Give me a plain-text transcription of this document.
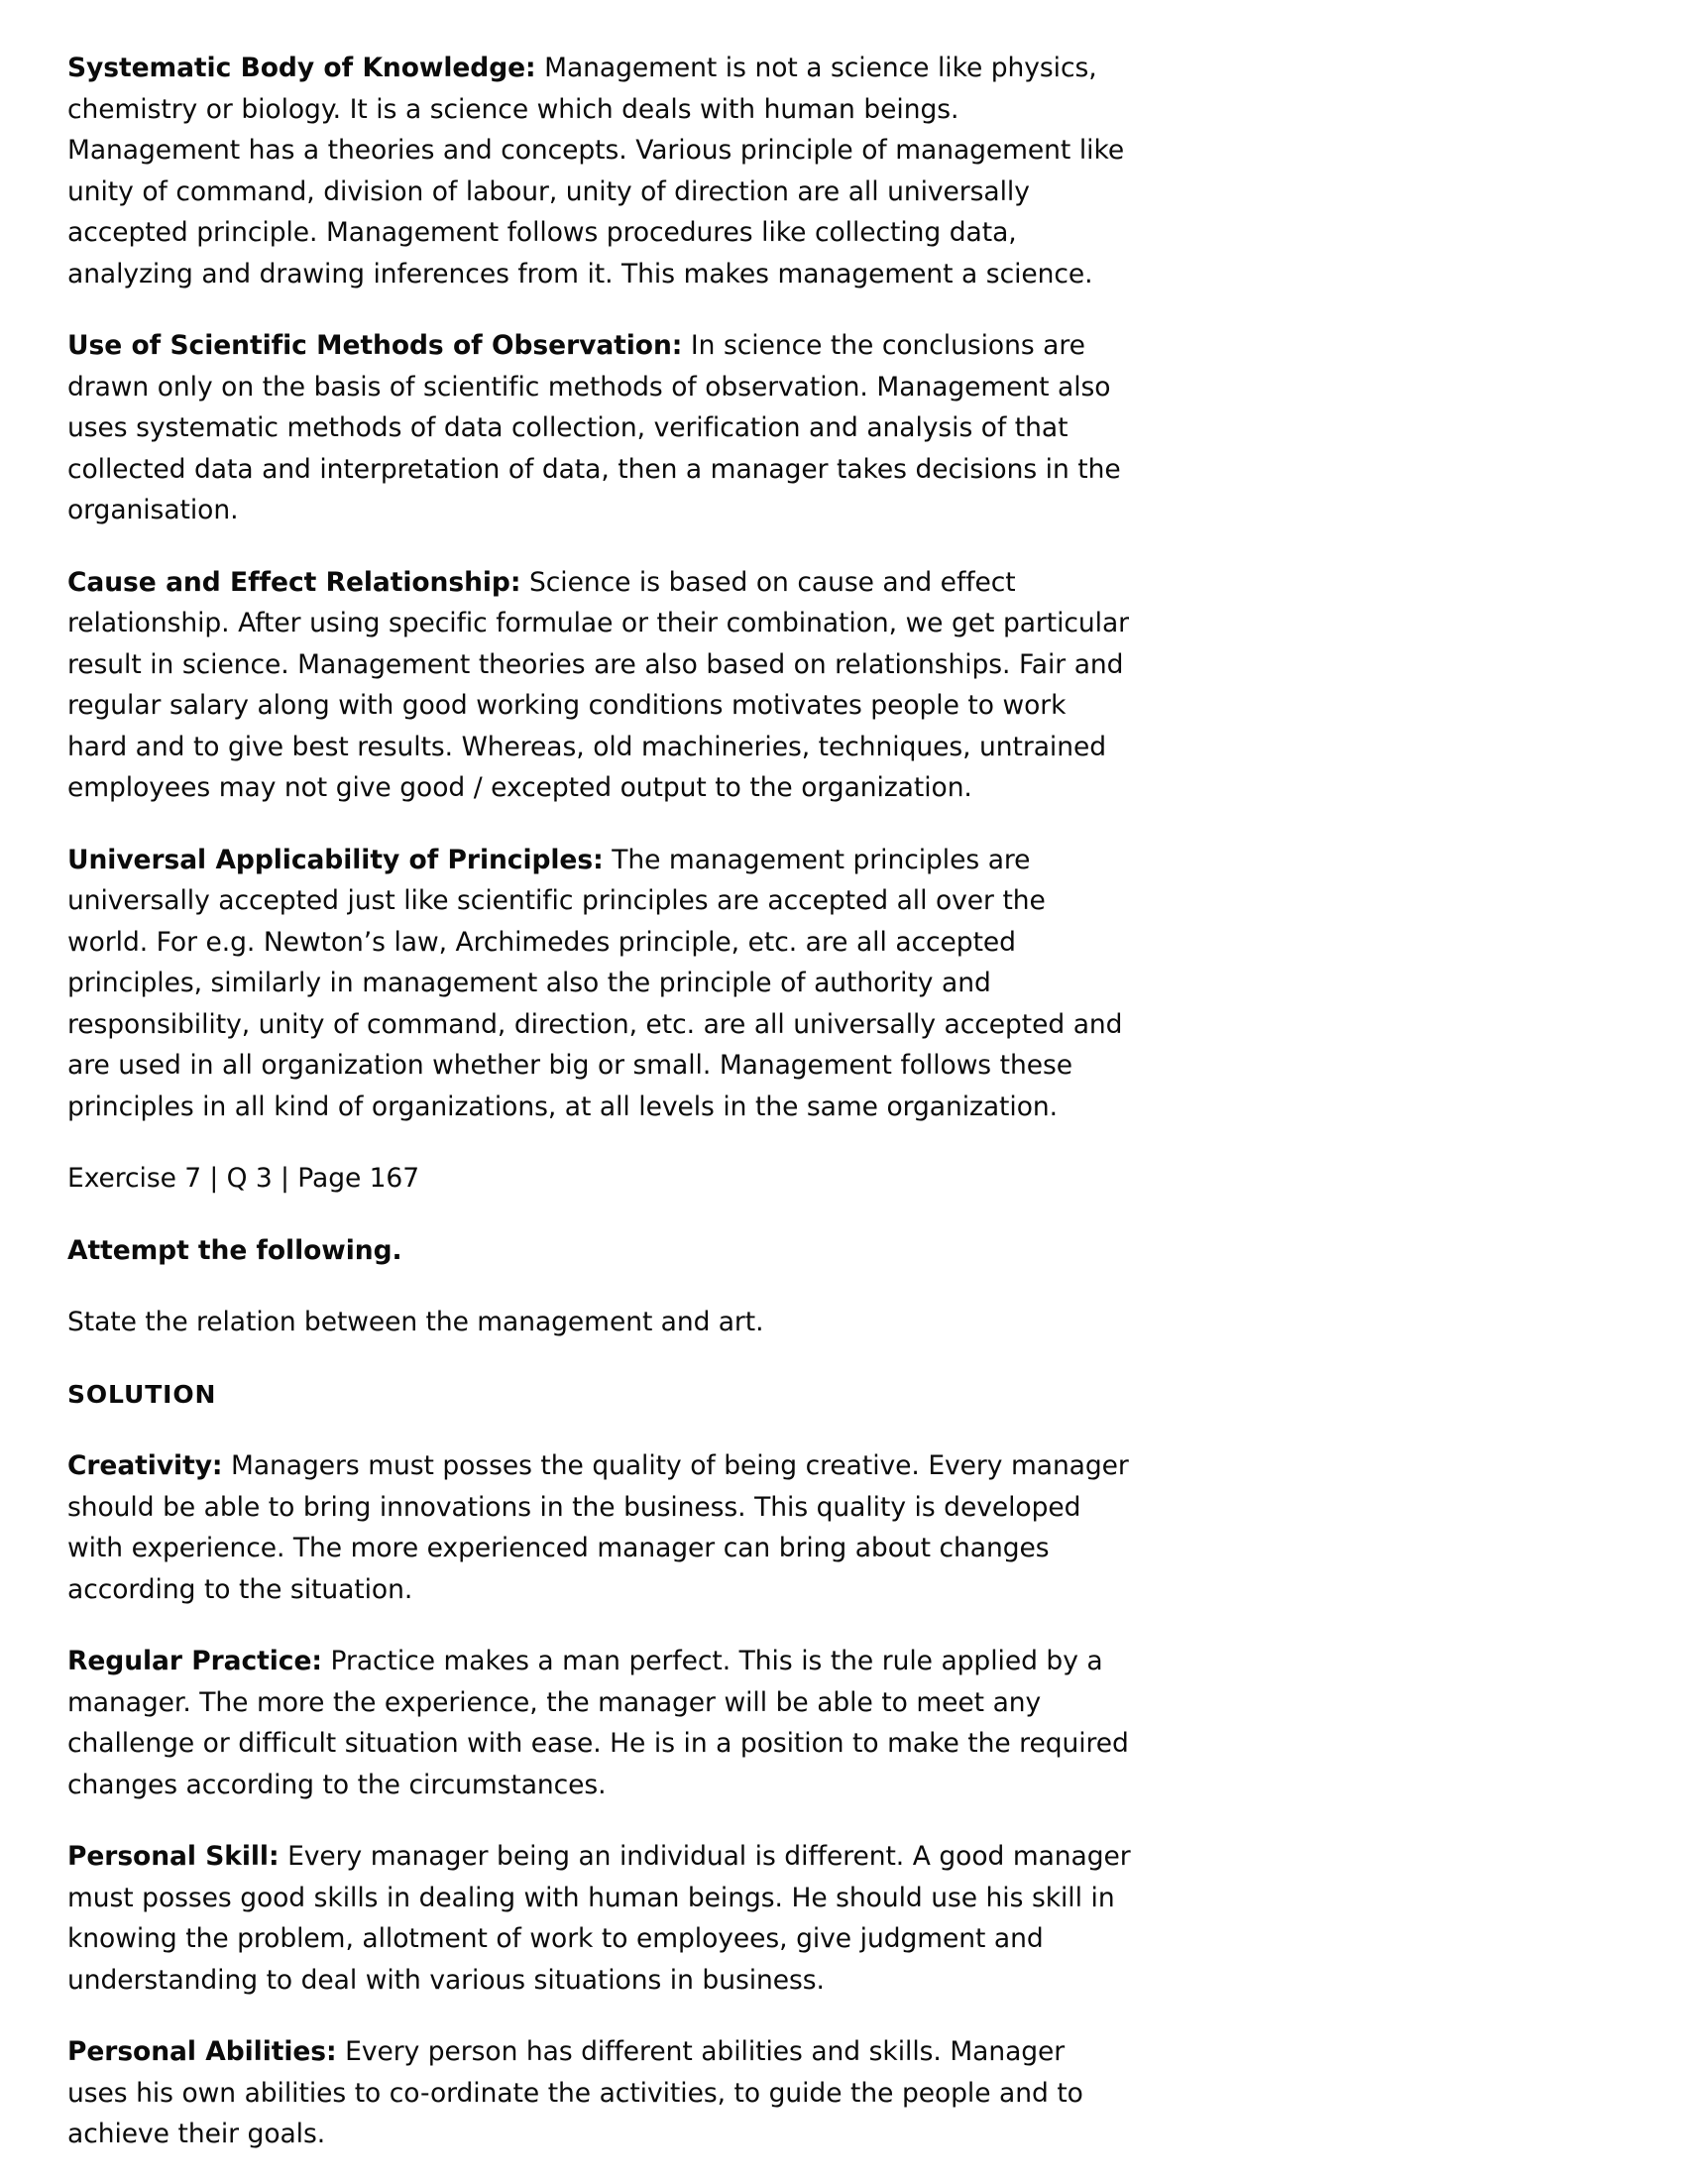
Systematic Body of Knowledge: Management is not a science like physics, chemistry or biology. It is a science which deals with human beings. Management has a theories and concepts. Various principle of management like unity of command, division of labour, unity of direction are all universally accepted principle. Management follows procedures like collecting data, analyzing and drawing inferences from it. This makes management a science.

Use of Scientific Methods of Observation: In science the conclusions are drawn only on the basis of scientific methods of observation. Management also uses systematic methods of data collection, verification and analysis of that collected data and interpretation of data, then a manager takes decisions in the organisation.

Cause and Effect Relationship: Science is based on cause and effect relationship. After using specific formulae or their combination, we get particular result in science. Management theories are also based on relationships. Fair and regular salary along with good working conditions motivates people to work hard and to give best results. Whereas, old machineries, techniques, untrained employees may not give good / excepted output to the organization.

Universal Applicability of Principles: The management principles are universally accepted just like scientific principles are accepted all over the world. For e.g. Newton’s law, Archimedes principle, etc. are all accepted principles, similarly in management also the principle of authority and responsibility, unity of command, direction, etc. are all universally accepted and are used in all organization whether big or small. Management follows these principles in all kind of organizations, at all levels in the same organization.

Exercise 7 | Q 3 | Page 167

Attempt the following.

State the relation between the management and art.

SOLUTION

Creativity: Managers must posses the quality of being creative. Every manager should be able to bring innovations in the business. This quality is developed with experience. The more experienced manager can bring about changes according to the situation.

Regular Practice: Practice makes a man perfect. This is the rule applied by a manager. The more the experience, the manager will be able to meet any challenge or difficult situation with ease. He is in a position to make the required changes according to the circumstances.

Personal Skill: Every manager being an individual is different. A good manager must posses good skills in dealing with human beings. He should use his skill in knowing the problem, allotment of work to employees, give judgment and understanding to deal with various situations in business.

Personal Abilities: Every person has different abilities and skills. Manager uses his own abilities to co-ordinate the activities, to guide the people and to achieve their goals.
